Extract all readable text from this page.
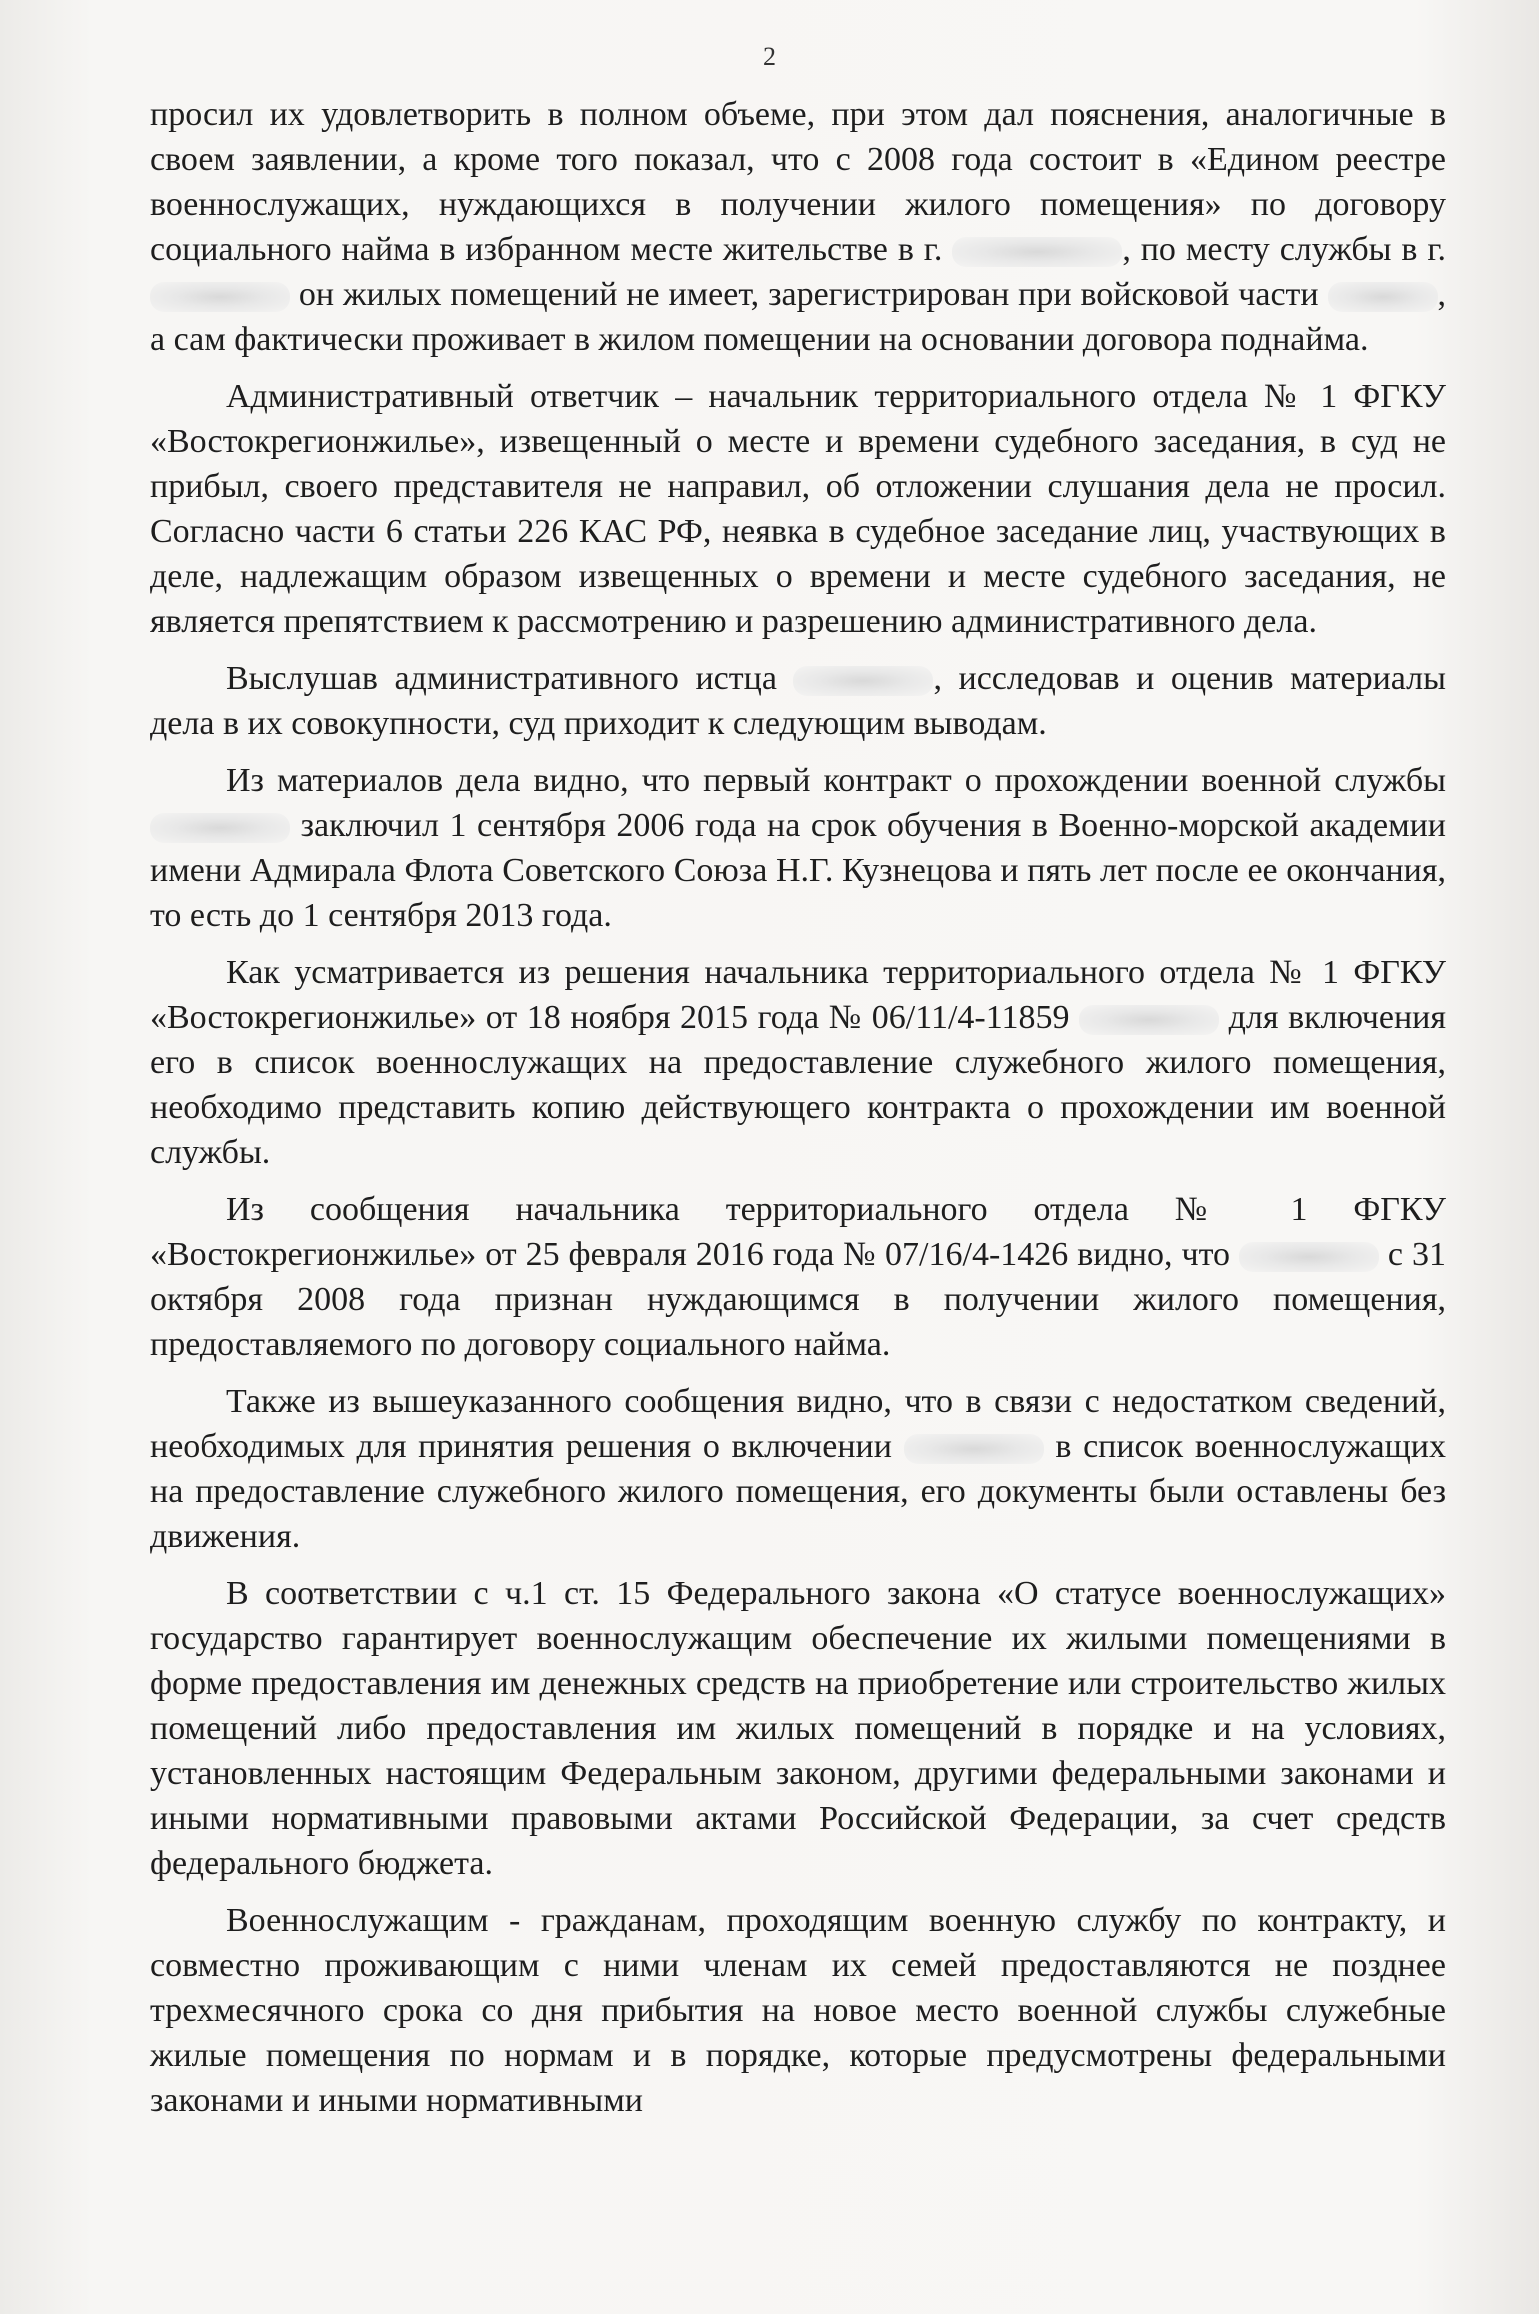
2

просил их удовлетворить в полном объеме, при этом дал пояснения, аналогичные в своем заявлении, а кроме того показал, что с 2008 года состоит в «Едином реестре военнослужащих, нуждающихся в получении жилого помещения» по договору социального найма в избранном месте жительстве в г.	, по месту службы в г.  он жилых помещений не имеет, зарегистрирован при войсковой части	, а сам фактически проживает в жилом помещении на основании договора поднайма.

Административный ответчик – начальник территориального отдела № 1 ФГКУ «Востокрегионжилье», извещенный о месте и времени судебного заседания, в суд не прибыл, своего представителя не направил, об отложении слушания дела не просил. Согласно части 6 статьи 226 КАС РФ, неявка в судебное заседание лиц, участвующих в деле, надлежащим образом извещенных о времени и месте судебного заседания, не является препятствием к рассмотрению и разрешению административного дела.

Выслушав административного истца	, исследовав и оценив материалы дела в их совокупности, суд приходит к следующим выводам.

Из материалов дела видно, что первый контракт о прохождении военной службы  заключил 1 сентября 2006 года на срок обучения в Военно-морской академии имени Адмирала Флота Советского Союза Н.Г. Кузнецова и пять лет после ее окончания, то есть до 1 сентября 2013 года.

Как усматривается из решения начальника территориального отдела № 1 ФГКУ «Востокрегионжилье» от 18 ноября 2015 года № 06/11/4-11859	для включения его в список военнослужащих на предоставление служебного жилого помещения, необходимо представить копию действующего контракта о прохождении им военной службы.

Из сообщения начальника территориального отдела № 1 ФГКУ «Востокрегионжилье» от 25 февраля 2016 года № 07/16/4-1426 видно, что	с 31 октября 2008 года признан нуждающимся в получении жилого помещения, предоставляемого по договору социального найма.

Также из вышеуказанного сообщения видно, что в связи с недостатком сведений, необходимых для принятия решения о включении	в список военнослужащих на предоставление служебного жилого помещения, его документы были оставлены без движения.

В соответствии с ч.1 ст. 15 Федерального закона «О статусе военнослужащих» государство гарантирует военнослужащим обеспечение их жилыми помещениями в форме предоставления им денежных средств на приобретение или строительство жилых помещений либо предоставления им жилых помещений в порядке и на условиях, установленных настоящим Федеральным законом, другими федеральными законами и иными нормативными правовыми актами Российской Федерации, за счет средств федерального бюджета.

Военнослужащим - гражданам, проходящим военную службу по контракту, и совместно проживающим с ними членам их семей предоставляются не позднее трехмесячного срока со дня прибытия на новое место военной службы служебные жилые помещения по нормам и в порядке, которые предусмотрены федеральными законами и иными нормативными
